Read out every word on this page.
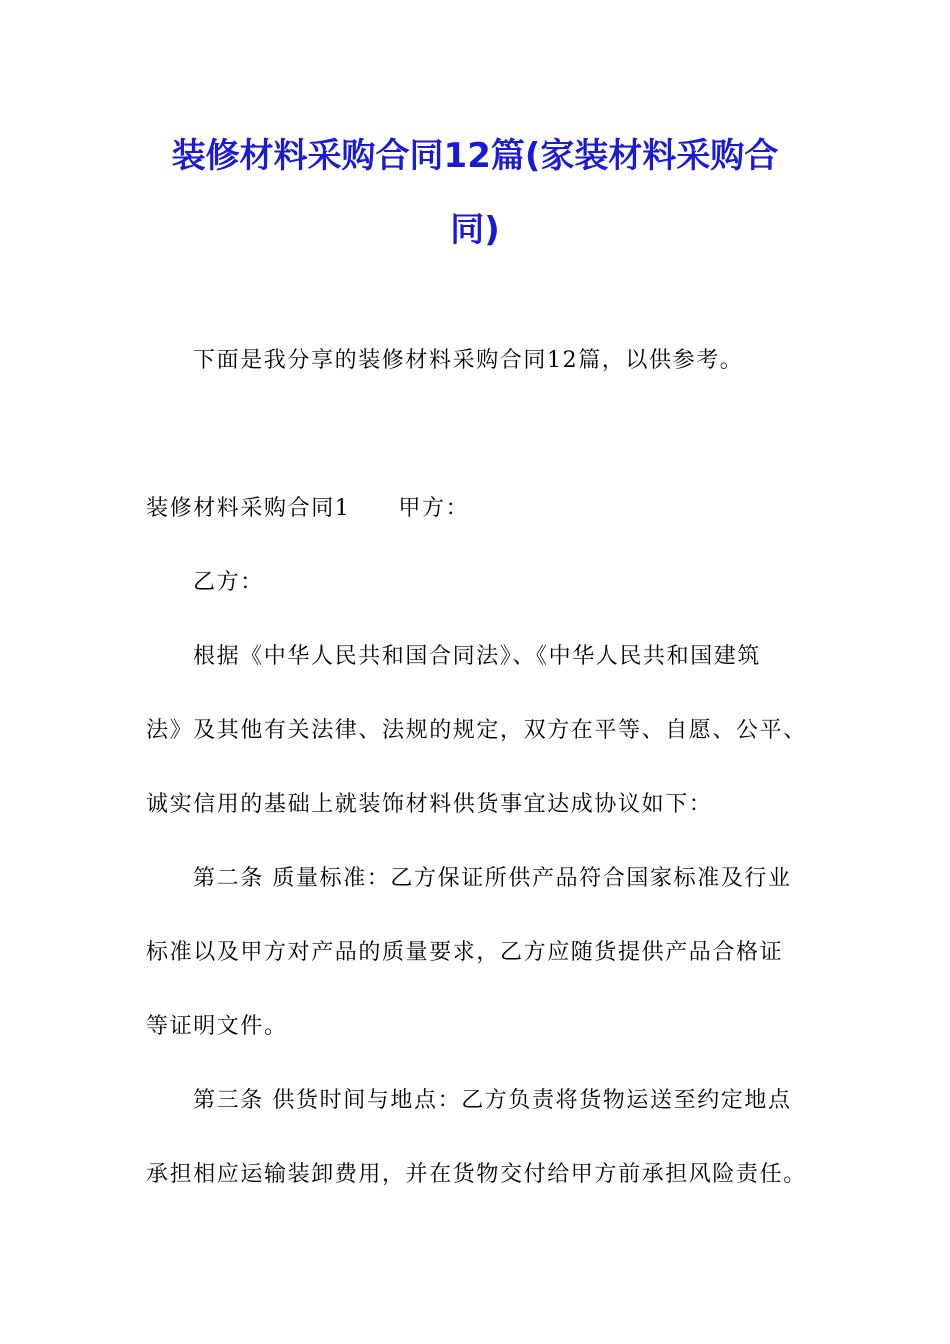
装修材料采购合同12篇(家装材料采购合
同)
下面是我分享的装修材料采购合同12篇，以供参考。
装修材料采购合同1 甲方：
乙方：
根据《中华人民共和国合同法》、《中华人民共和国建筑
法》及其他有关法律、法规的规定，双方在平等、自愿、公平、
诚实信用的基础上就装饰材料供货事宜达成协议如下：
第二条 质量标准：乙方保证所供产品符合国家标准及行业
标准以及甲方对产品的质量要求，乙方应随货提供产品合格证
等证明文件。
第三条 供货时间与地点：乙方负责将货物运送至约定地点
承担相应运输装卸费用，并在货物交付给甲方前承担风险责任。
